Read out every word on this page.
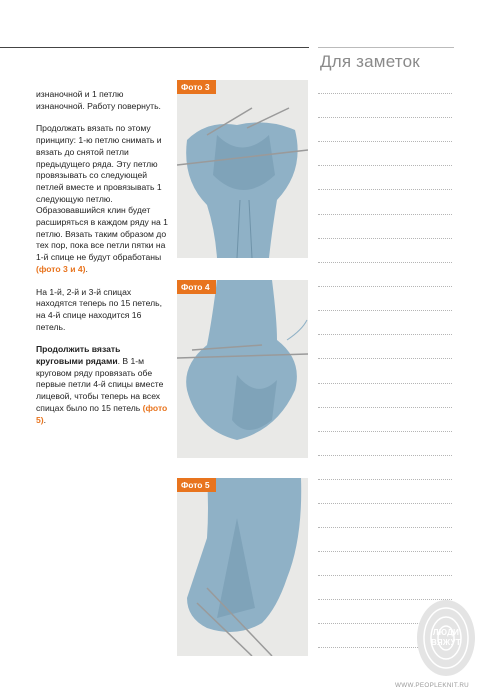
Для заметок

изнаночной и 1 петлю изнаночной. Работу повернуть.

Продолжать вязать по этому принципу: 1-ю петлю снимать и вязать до снятой петли предыдущего ряда. Эту петлю провязывать со следующей петлей вместе и провязывать 1 следующую петлю. Образовавшийся клин будет расширяться в каждом ряду на 1 петлю. Вязать таким образом до тех пор, пока все петли пятки на 1-й спице не будут обработаны (фото 3 и 4).

На 1-й, 2-й и 3-й спицах находятся теперь по 15 петель, на 4-й спице находится 16 петель.

Продолжить вязать круговыми рядами. В 1-м круговом ряду провязать обе первые петли 4-й спицы вместе лицевой, чтобы теперь на всех спицах было по 15 петель (фото 5).

Фото 3
Фото 4
Фото 5
ЛЮДИ
ВЯЖУТ
WWW.PEOPLEKNIT.RU
